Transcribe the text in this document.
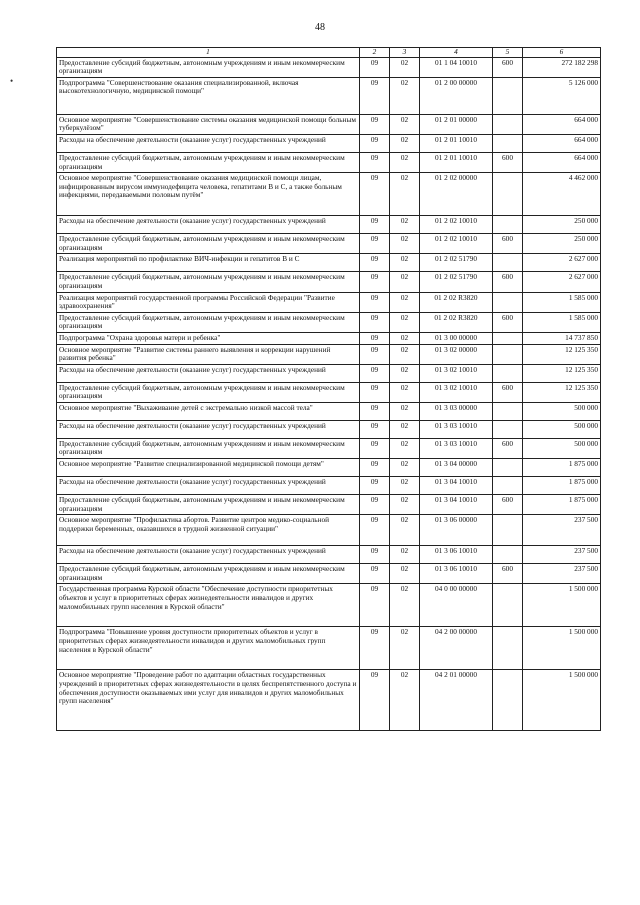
48
•
1	2	3	4	5	6
Предоставление субсидий бюджетным, автономным учреждениям и иным некоммерческим организациям	09	02	01 1 04 10010	600	272 182 298
Подпрограмма "Совершенствование оказания специализированной, включая высокотехнологичную, медицинской помощи"	09	02	01 2 00 00000		5 126 000
Основное мероприятие "Совершенствование системы оказания медицинской помощи больным туберкулёзом"	09	02	01 2 01 00000		664 000
Расходы на обеспечение деятельности (оказание услуг) государственных учреждений	09	02	01 2 01 10010		664 000
Предоставление субсидий бюджетным, автономным учреждениям и иным некоммерческим организациям	09	02	01 2 01 10010	600	664 000
Основное мероприятие "Совершенствование оказания медицинской помощи лицам, инфицированным вирусом иммунодефицита человека, гепатитами В и С, а также больным инфекциями, передаваемыми половым путём"	09	02	01 2 02 00000		4 462 000
Расходы на обеспечение деятельности (оказание услуг) государственных учреждений	09	02	01 2 02 10010		250 000
Предоставление субсидий бюджетным, автономным учреждениям и иным некоммерческим организациям	09	02	01 2 02 10010	600	250 000
Реализация мероприятий по профилактике ВИЧ-инфекции и гепатитов В и С	09	02	01 2 02 51790		2 627 000
Предоставление субсидий бюджетным, автономным учреждениям и иным некоммерческим организациям	09	02	01 2 02 51790	600	2 627 000
Реализация мероприятий государственной программы Российской Федерации "Развитие здравоохранения"	09	02	01 2 02 R3820		1 585 000
Предоставление субсидий бюджетным, автономным учреждениям и иным некоммерческим организациям	09	02	01 2 02 R3820	600	1 585 000
Подпрограмма "Охрана здоровья матери и ребенка"	09	02	01 3 00 00000		14 737 850
Основное мероприятие "Развитие системы раннего выявления и коррекции нарушений развития ребенка"	09	02	01 3 02 00000		12 125 350
Расходы на обеспечение деятельности (оказание услуг) государственных учреждений	09	02	01 3 02 10010		12 125 350
Предоставление субсидий бюджетным, автономным учреждениям и иным некоммерческим организациям	09	02	01 3 02 10010	600	12 125 350
Основное мероприятие "Выхаживание детей с экстремально низкой массой тела"	09	02	01 3 03 00000		500 000
Расходы на обеспечение деятельности (оказание услуг) государственных учреждений	09	02	01 3 03 10010		500 000
Предоставление субсидий бюджетным, автономным учреждениям и иным некоммерческим организациям	09	02	01 3 03 10010	600	500 000
Основное мероприятие "Развитие специализированной медицинской помощи детям"	09	02	01 3 04 00000		1 875 000
Расходы на обеспечение деятельности (оказание услуг) государственных учреждений	09	02	01 3 04 10010		1 875 000
Предоставление субсидий бюджетным, автономным учреждениям и иным некоммерческим организациям	09	02	01 3 04 10010	600	1 875 000
Основное мероприятие "Профилактика абортов. Развитие центров медико-социальной поддержки беременных, оказавшихся в трудной жизненной ситуации"	09	02	01 3 06 00000		237 500
Расходы на обеспечение деятельности (оказание услуг) государственных учреждений	09	02	01 3 06 10010		237 500
Предоставление субсидий бюджетным, автономным учреждениям и иным некоммерческим организациям	09	02	01 3 06 10010	600	237 500
Государственная программа Курской области "Обеспечение доступности приоритетных объектов и услуг в приоритетных сферах жизнедеятельности инвалидов и других маломобильных групп населения в Курской области"	09	02	04 0 00 00000		1 500 000
Подпрограмма "Повышение уровня доступности приоритетных объектов и услуг в приоритетных сферах жизнедеятельности инвалидов и других маломобильных групп населения в Курской области"	09	02	04 2 00 00000		1 500 000
Основное мероприятие "Проведение работ по адаптации областных государственных учреждений в приоритетных сферах жизнедеятельности в целях беспрепятственного доступа и обеспечения доступности оказываемых ими услуг для инвалидов и других маломобильных групп населения"	09	02	04 2 01 00000		1 500 000
